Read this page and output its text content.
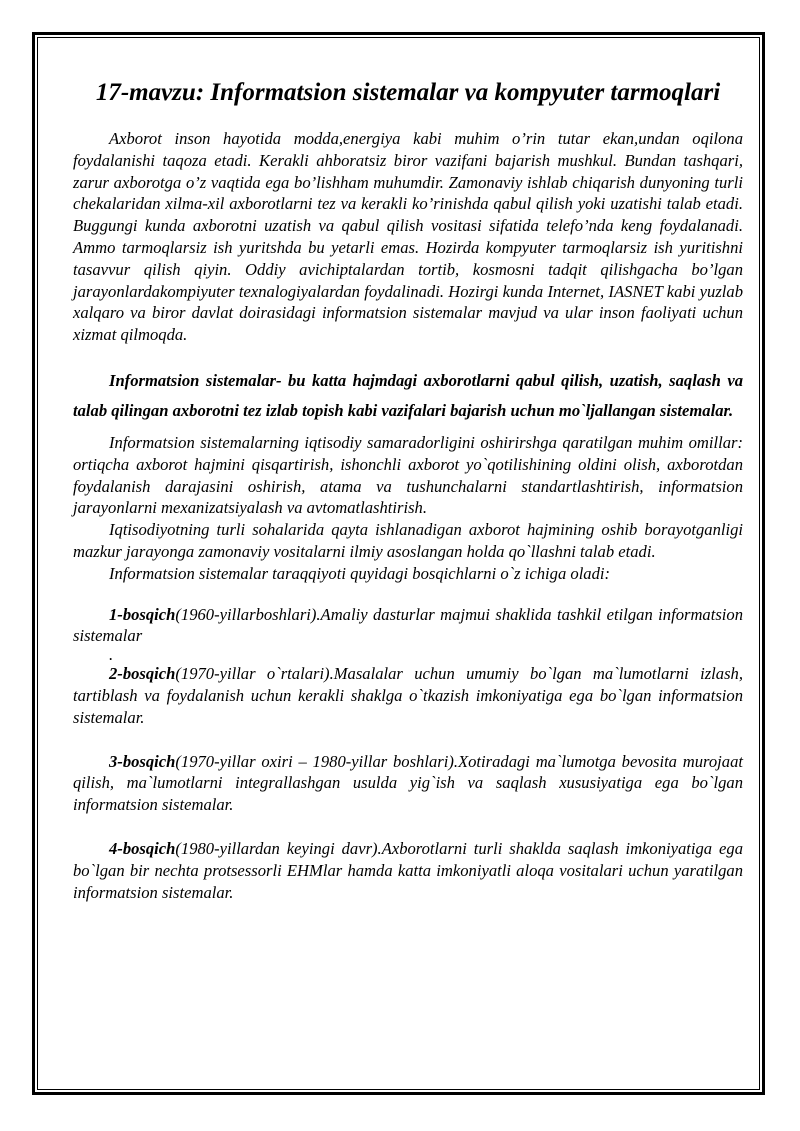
17-mavzu: Informatsion sistemalar va kompyuter tarmoqlari

Axborot inson hayotida modda,energiya kabi muhim o’rin tutar ekan,undan oqilona foydalanishi taqoza etadi. Kerakli ahboratsiz biror vazifani bajarish mushkul. Bundan tashqari, zarur axborotga o’z vaqtida ega bo’lishham muhumdir. Zamonaviy ishlab chiqarish dunyoning turli chekalaridan xilma-xil axborotlarni tez va kerakli ko’rinishda qabul qilish yoki uzatishi talab etadi. Buggungi kunda axborotni uzatish va qabul qilish vositasi sifatida telefo’nda keng foydalanadi. Ammo tarmoqlarsiz ish yuritshda bu yetarli emas. Hozirda kompyuter tarmoqlarsiz ish yuritishni tasavvur qilish qiyin. Oddiy avichiptalardan tortib, kosmosni tadqit qilishgacha bo’lgan jarayonlardakompiyuter texnalogiyalardan foydalinadi. Hozirgi kunda Internet, IASNET kabi yuzlab xalqaro va biror davlat doirasidagi informatsion sistemalar mavjud va ular inson faoliyati uchun xizmat qilmoqda.

Informatsion sistemalar- bu katta hajmdagi axborotlarni qabul qilish, uzatish, saqlash va talab qilingan axborotni tez izlab topish kabi vazifalari bajarish uchun mo`ljallangan sistemalar.

Informatsion sistemalarning iqtisodiy samaradorligini oshirirshga qaratilgan muhim omillar: ortiqcha axborot hajmini qisqartirish, ishonchli axborot yo`qotilishining oldini olish, axborotdan foydalanish darajasini oshirish, atama va tushunchalarni standartlashtirish, informatsion jarayonlarni mexanizatsiyalash va avtomatlashtirish.

Iqtisodiyotning turli sohalarida qayta ishlanadigan axborot hajmining oshib borayotganligi mazkur jarayonga zamonaviy vositalarni ilmiy asoslangan holda qo`llashni talab etadi.

Informatsion sistemalar taraqqiyoti quyidagi bosqichlarni o`z ichiga oladi:

1-bosqich(1960-yillarboshlari).Amaliy dasturlar majmui shaklida tashkil etilgan informatsion sistemalar

.

2-bosqich(1970-yillar o`rtalari).Masalalar uchun umumiy bo`lgan ma`lumotlarni izlash, tartiblash va foydalanish uchun kerakli shaklga o`tkazish imkoniyatiga ega bo`lgan informatsion sistemalar.

3-bosqich(1970-yillar oxiri – 1980-yillar boshlari).Xotiradagi ma`lumotga bevosita murojaat qilish, ma`lumotlarni integrallashgan usulda yig`ish va saqlash xususiyatiga ega bo`lgan informatsion sistemalar.

4-bosqich(1980-yillardan keyingi davr).Axborotlarni turli shaklda saqlash imkoniyatiga ega bo`lgan bir nechta protsessorli EHMlar hamda katta imkoniyatli aloqa vositalari uchun yaratilgan informatsion sistemalar.
